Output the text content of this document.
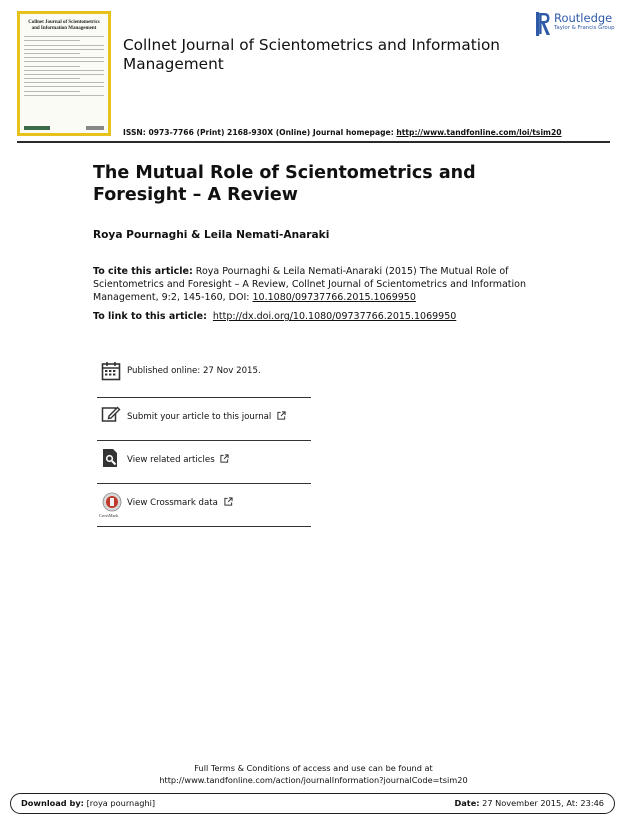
Collnet Journal of Scientometrics and Information Management
Collnet Journal of Scientometrics and Information Management
Routledge
Taylor & Francis Group
ISSN: 0973-7766 (Print) 2168-930X (Online) Journal homepage: http://www.tandfonline.com/loi/tsim20
The Mutual Role of Scientometrics and Foresight – A Review
Roya Pournaghi & Leila Nemati-Anaraki
To cite this article: Roya Pournaghi & Leila Nemati-Anaraki (2015) The Mutual Role of Scientometrics and Foresight – A Review, Collnet Journal of Scientometrics and Information Management, 9:2, 145-160, DOI: 10.1080/09737766.2015.1069950
To link to this article: http://dx.doi.org/10.1080/09737766.2015.1069950
Published online: 27 Nov 2015.
Submit your article to this journal
View related articles
CrossMark
View Crossmark data
Full Terms & Conditions of access and use can be found at
http://www.tandfonline.com/action/journalInformation?journalCode=tsim20
Download by: [roya pournaghi]	Date: 27 November 2015, At: 23:46
